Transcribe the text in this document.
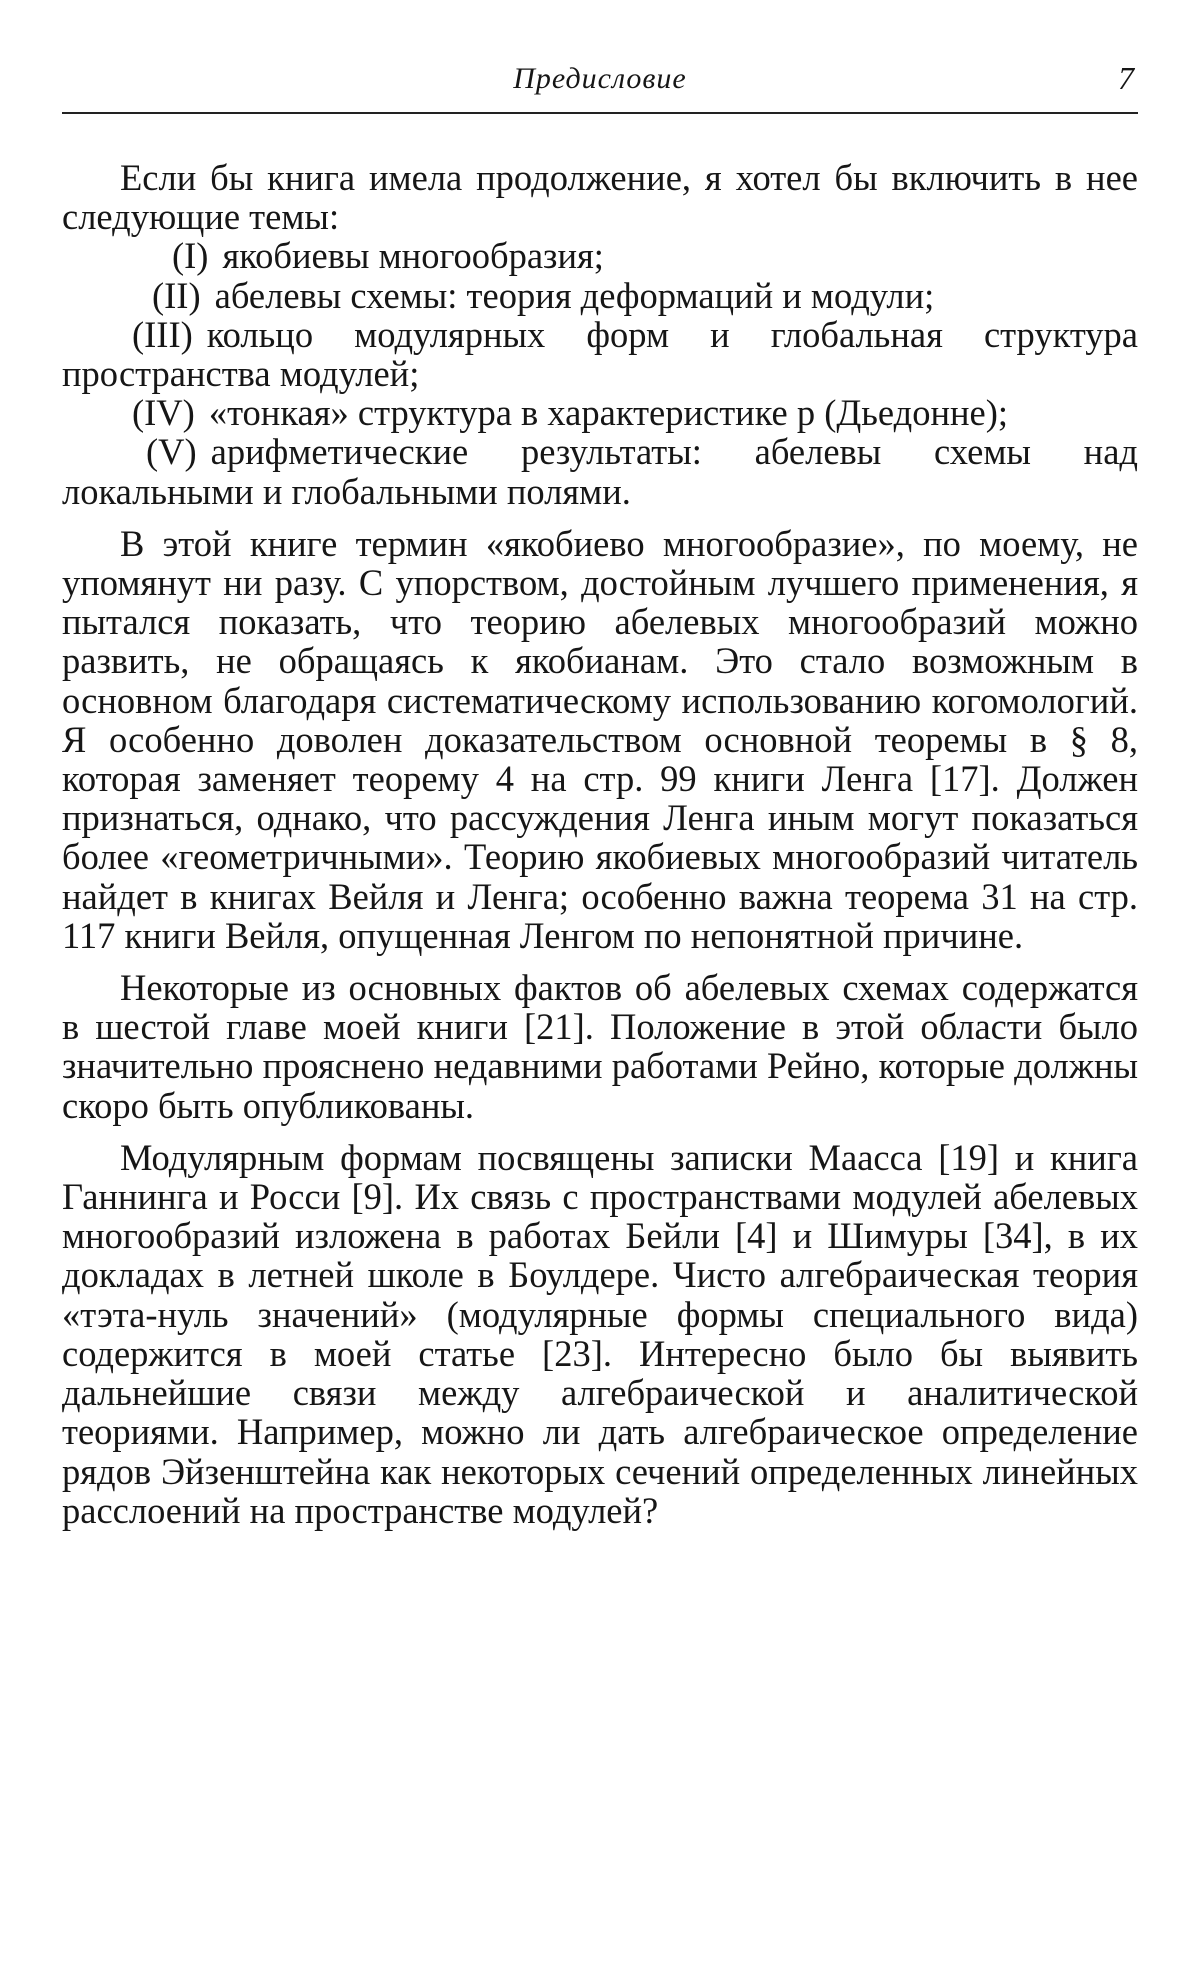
Предисловие	7

Если бы книга имела продолжение, я хотел бы включить в нее следующие темы:

(I) якобиевы многообразия;

(II) абелевы схемы: теория деформаций и модули;

(III) кольцо модулярных форм и глобальная структура пространства модулей;

(IV) «тонкая» структура в характеристике p (Дьедонне);

(V) арифметические результаты: абелевы схемы над локальными и глобальными полями.

В этой книге термин «якобиево многообразие», по моему, не упомянут ни разу. С упорством, достойным лучшего применения, я пытался показать, что теорию абелевых многообразий можно развить, не обращаясь к якобианам. Это стало возможным в основном благодаря систематическому использованию когомологий. Я особенно доволен доказательством основной теоремы в § 8, которая заменяет теорему 4 на стр. 99 книги Ленга [17]. Должен признаться, однако, что рассуждения Ленга иным могут показаться более «геометричными». Теорию якобиевых многообразий читатель найдет в книгах Вейля и Ленга; особенно важна теорема 31 на стр. 117 книги Вейля, опущенная Ленгом по непонятной причине.

Некоторые из основных фактов об абелевых схемах содержатся в шестой главе моей книги [21]. Положение в этой области было значительно прояснено недавними работами Рейно, которые должны скоро быть опубликованы.

Модулярным формам посвящены записки Маасса [19] и книга Ганнинга и Росси [9]. Их связь с пространствами модулей абелевых многообразий изложена в работах Бейли [4] и Шимуры [34], в их докладах в летней школе в Боулдере. Чисто алгебраическая теория «тэта-нуль значений» (модулярные формы специального вида) содержится в моей статье [23]. Интересно было бы выявить дальнейшие связи между алгебраической и аналитической теориями. Например, можно ли дать алгебраическое определение рядов Эйзенштейна как некоторых сечений определенных линейных расслоений на пространстве модулей?
